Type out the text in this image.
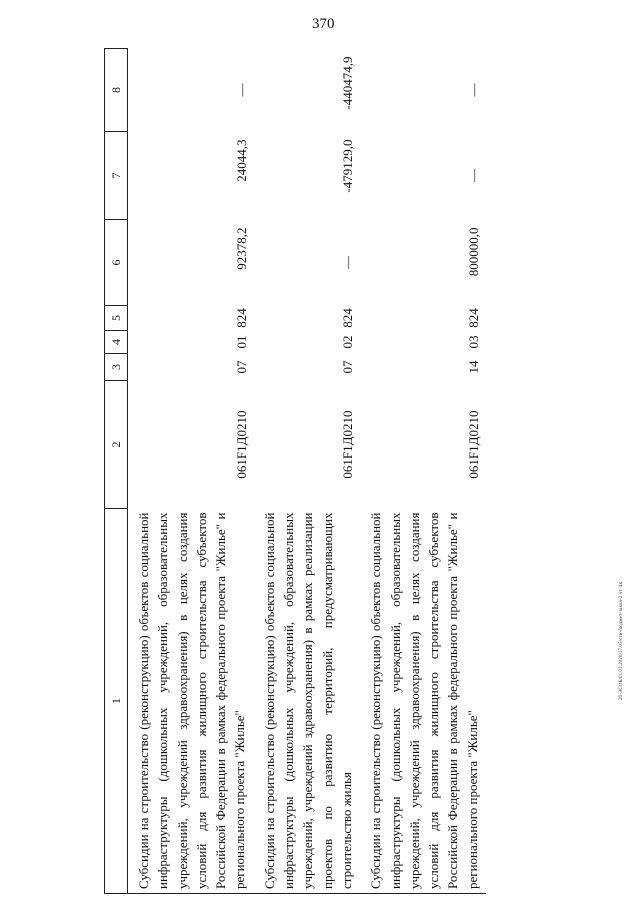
370
20-ЭСОБ/01.03.2020/17.05/сти-бюджет-закон-2 чт. 4к
1	2	3	4	5	6	7	8

Субсидии на строительство (реконструкцию) объектов социальной инфраструктуры (дошкольных учреждений, образовательных учреждений, учреждений здравоохранения) в целях создания условий для развития жилищного строительства субъектов Российской Федерации в рамках федерального проекта "Жилье" и регионального проекта "Жилье"	061F1Д0210	07	01	824	92378,2	24044,3	—

Субсидии на строительство (реконструкцию) объектов социальной инфраструктуры (дошкольных учреждений, образовательных учреждений, учреждений здравоохранения) в рамках реализации проектов по развитию территорий, предусматривающих строительство жилья	061F1Д0210	07	02	824	—	-479129,0	-440474,9

Субсидии на строительство (реконструкцию) объектов социальной инфраструктуры (дошкольных учреждений, образовательных учреждений, учреждений здравоохранения) в целях создания условий для развития жилищного строительства субъектов Российской Федерации в рамках федерального проекта "Жилье" и регионального проекта "Жилье"	061F1Д0210	14	03	824	800000,0	—	—
